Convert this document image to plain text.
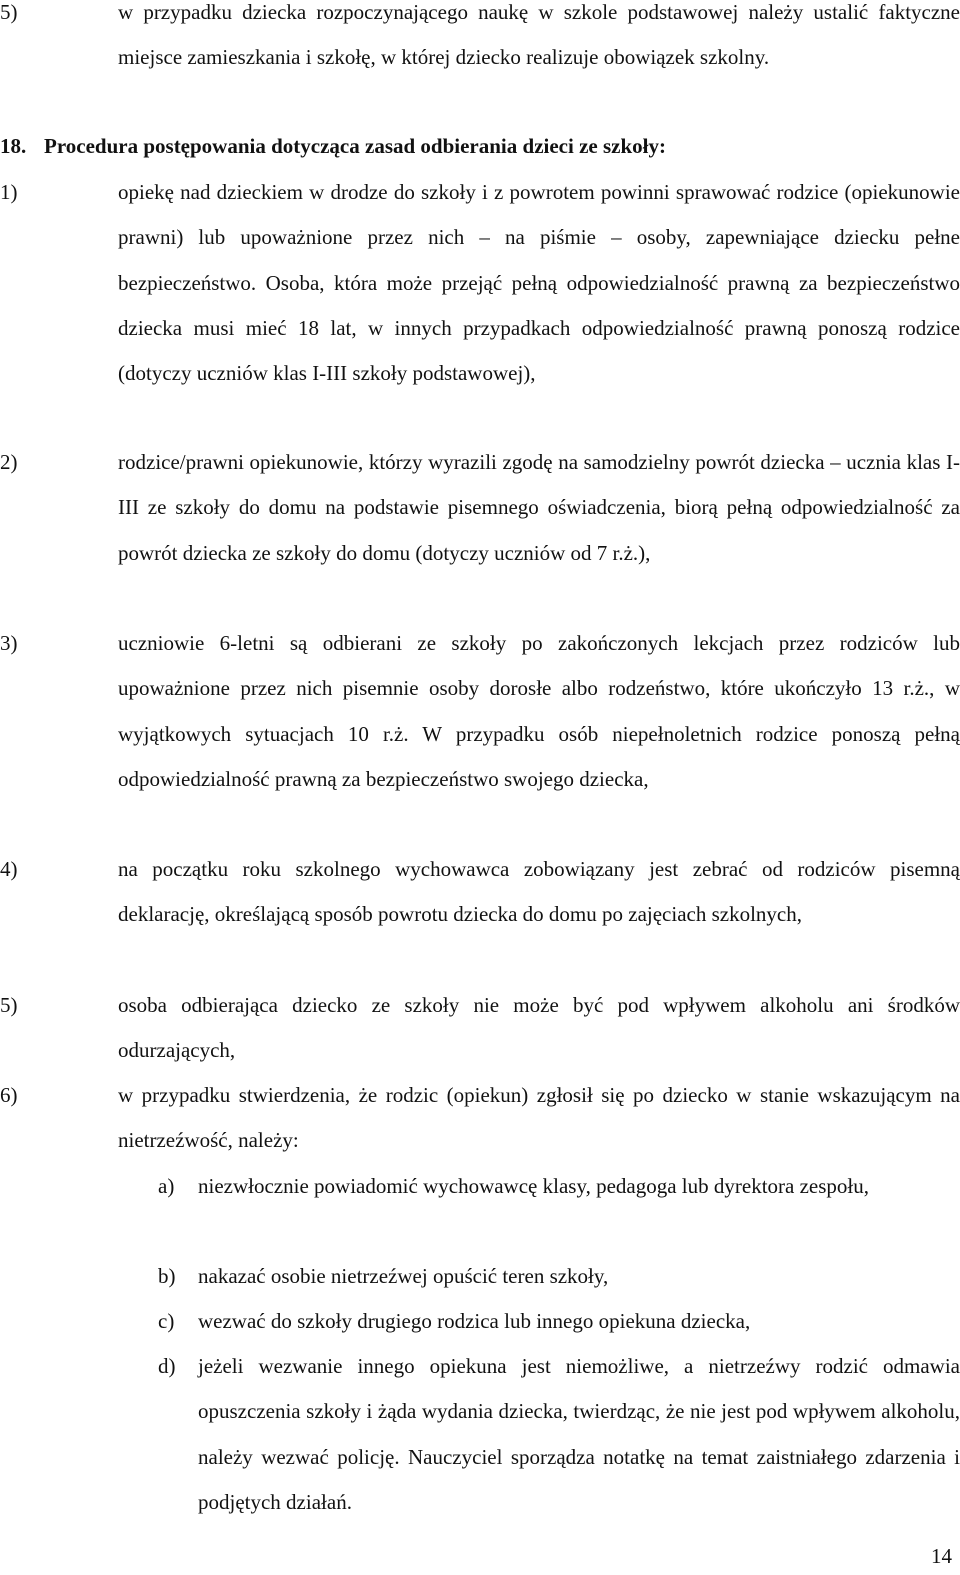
5)	w przypadku dziecka rozpoczynającego naukę w szkole podstawowej należy ustalić faktyczne miejsce zamieszkania i szkołę, w której dziecko realizuje obowiązek szkolny.
18. Procedura postępowania dotycząca zasad odbierania dzieci ze szkoły:
1)	opiekę nad dzieckiem w drodze do szkoły i z powrotem powinni sprawować rodzice (opiekunowie prawni) lub upoważnione przez nich – na piśmie – osoby, zapewniające dziecku pełne bezpieczeństwo. Osoba, która może przejąć pełną odpowiedzialność prawną za bezpieczeństwo dziecka musi mieć 18 lat, w innych przypadkach odpowiedzialność prawną ponoszą rodzice (dotyczy uczniów klas I-III szkoły podstawowej),
2)	rodzice/prawni opiekunowie, którzy wyrazili zgodę na samodzielny powrót dziecka – ucznia klas I-III ze szkoły do domu na podstawie pisemnego oświadczenia, biorą pełną odpowiedzialność za powrót dziecka ze szkoły do domu (dotyczy uczniów od 7 r.ż.),
3)	uczniowie 6-letni są odbierani ze szkoły po zakończonych lekcjach przez rodziców lub upoważnione przez nich pisemnie osoby dorosłe albo rodzeństwo, które ukończyło 13 r.ż., w wyjątkowych sytuacjach 10 r.ż. W przypadku osób niepełnoletnich rodzice ponoszą pełną odpowiedzialność prawną za bezpieczeństwo swojego dziecka,
4)	na początku roku szkolnego wychowawca zobowiązany jest zebrać od rodziców pisemną deklarację, określającą sposób powrotu dziecka do domu po zajęciach szkolnych,
5)	osoba odbierająca dziecko ze szkoły nie może być pod wpływem alkoholu ani środków odurzających,
6)	w przypadku stwierdzenia, że rodzic (opiekun) zgłosił się po dziecko w stanie wskazującym na nietrzeźwość, należy:
a) niezwłocznie powiadomić wychowawcę klasy, pedagoga lub dyrektora zespołu,
b) nakazać osobie nietrzeźwej opuścić teren szkoły,
c) wezwać do szkoły drugiego rodzica lub innego opiekuna dziecka,
d) jeżeli wezwanie innego opiekuna jest niemożliwe, a nietrzeźwy rodzić odmawia opuszczenia szkoły i żąda wydania dziecka, twierdząc, że nie jest pod wpływem alkoholu, należy wezwać policję. Nauczyciel sporządza notatkę na temat zaistniałego zdarzenia i podjętych działań.
14
